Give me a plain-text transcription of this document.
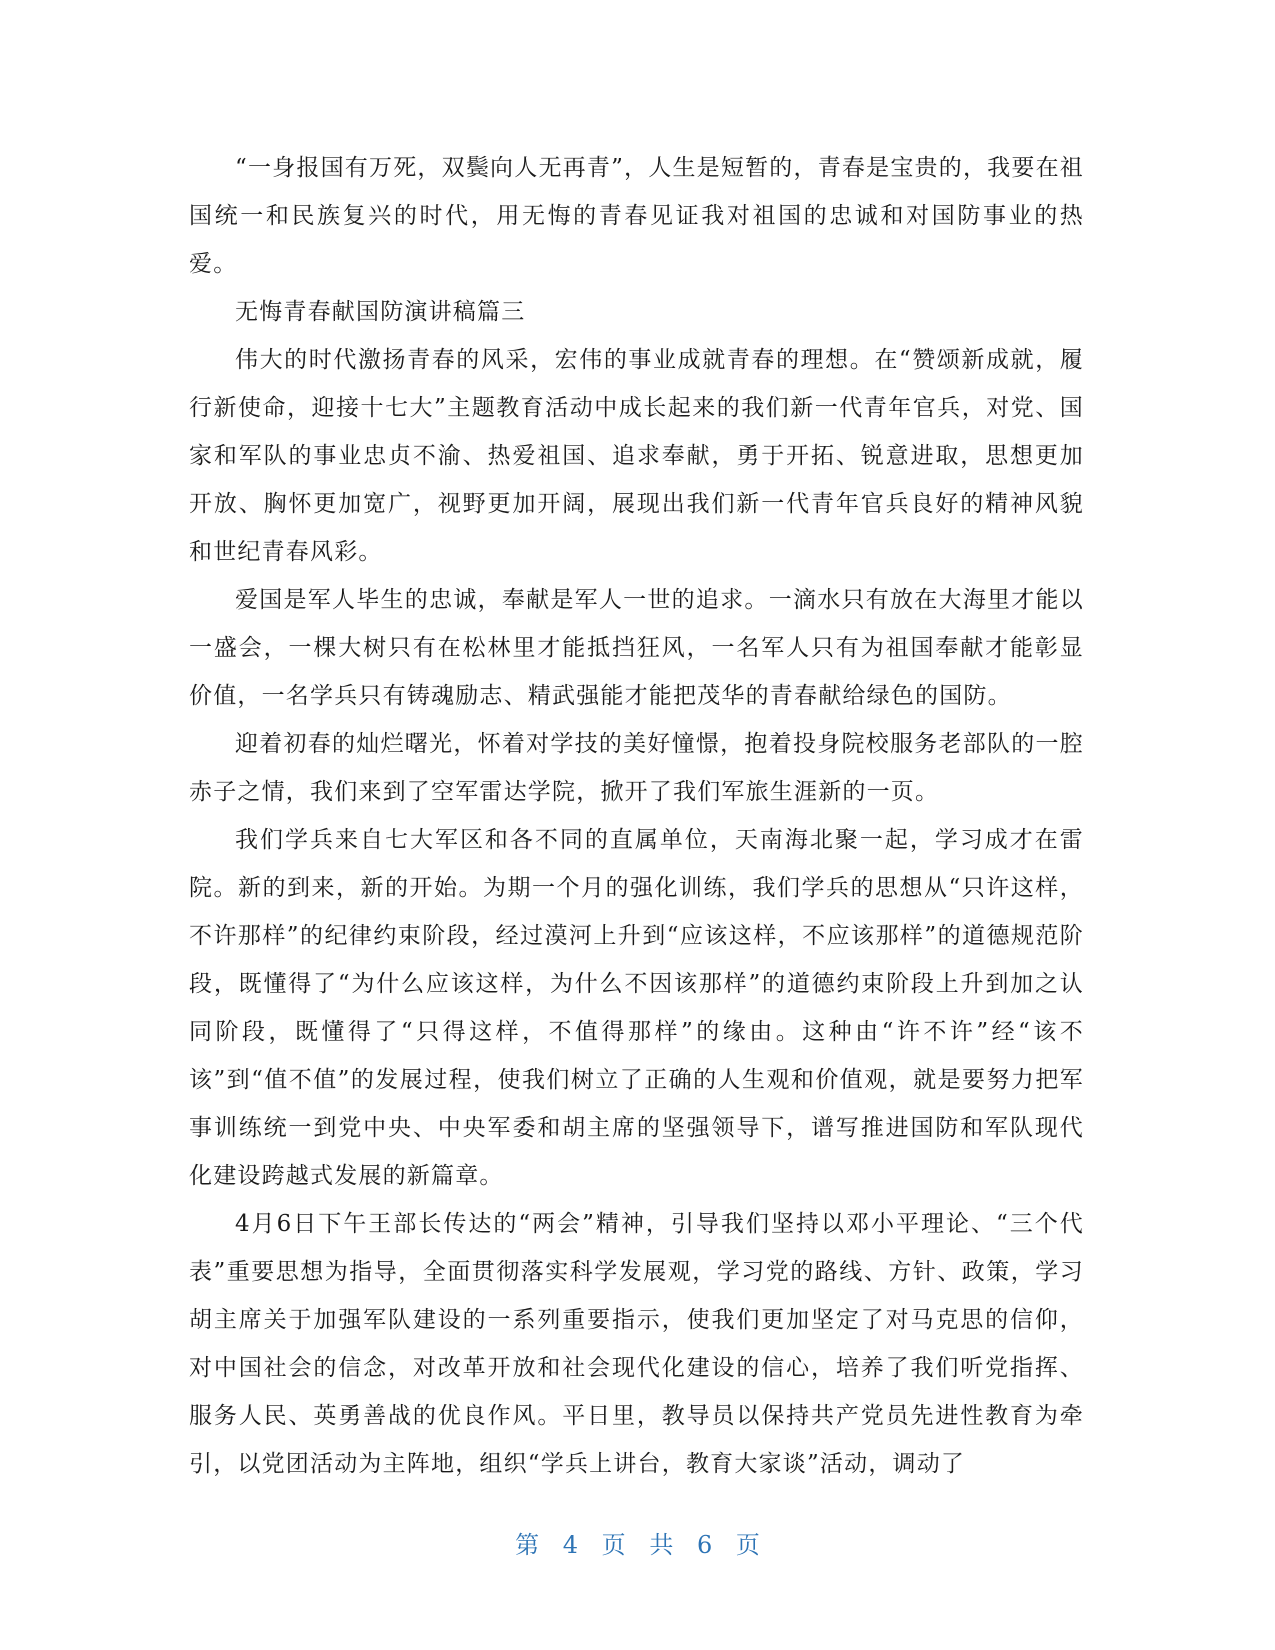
“一身报国有万死，双鬓向人无再青”，人生是短暂的，青春是宝贵的，我要在祖国统一和民族复兴的时代，用无悔的青春见证我对祖国的忠诚和对国防事业的热爱。

无悔青春献国防演讲稿篇三

伟大的时代激扬青春的风采，宏伟的事业成就青春的理想。在“赞颂新成就，履行新使命，迎接十七大”主题教育活动中成长起来的我们新一代青年官兵，对党、国家和军队的事业忠贞不渝、热爱祖国、追求奉献，勇于开拓、锐意进取，思想更加开放、胸怀更加宽广，视野更加开阔，展现出我们新一代青年官兵良好的精神风貌和世纪青春风彩。

爱国是军人毕生的忠诚，奉献是军人一世的追求。一滴水只有放在大海里才能以一盛会，一棵大树只有在松林里才能抵挡狂风，一名军人只有为祖国奉献才能彰显价值，一名学兵只有铸魂励志、精武强能才能把茂华的青春献给绿色的国防。

迎着初春的灿烂曙光，怀着对学技的美好憧憬，抱着投身院校服务老部队的一腔赤子之情，我们来到了空军雷达学院，掀开了我们军旅生涯新的一页。

我们学兵来自七大军区和各不同的直属单位，天南海北聚一起，学习成才在雷院。新的到来，新的开始。为期一个月的强化训练，我们学兵的思想从“只许这样，不许那样”的纪律约束阶段，经过漠河上升到“应该这样，不应该那样”的道德规范阶段，既懂得了“为什么应该这样，为什么不因该那样”的道德约束阶段上升到加之认同阶段，既懂得了“只得这样，不值得那样”的缘由。这种由“许不许”经“该不该”到“值不值”的发展过程，使我们树立了正确的人生观和价值观，就是要努力把军事训练统一到党中央、中央军委和胡主席的坚强领导下，谱写推进国防和军队现代化建设跨越式发展的新篇章。

4月6日下午王部长传达的“两会”精神，引导我们坚持以邓小平理论、“三个代表”重要思想为指导，全面贯彻落实科学发展观，学习党的路线、方针、政策，学习胡主席关于加强军队建设的一系列重要指示，使我们更加坚定了对马克思的信仰，对中国社会的信念，对改革开放和社会现代化建设的信心，培养了我们听党指挥、服务人民、英勇善战的优良作风。平日里，教导员以保持共产党员先进性教育为牵引，以党团活动为主阵地，组织“学兵上讲台，教育大家谈”活动，调动了

第 4 页 共 6 页
